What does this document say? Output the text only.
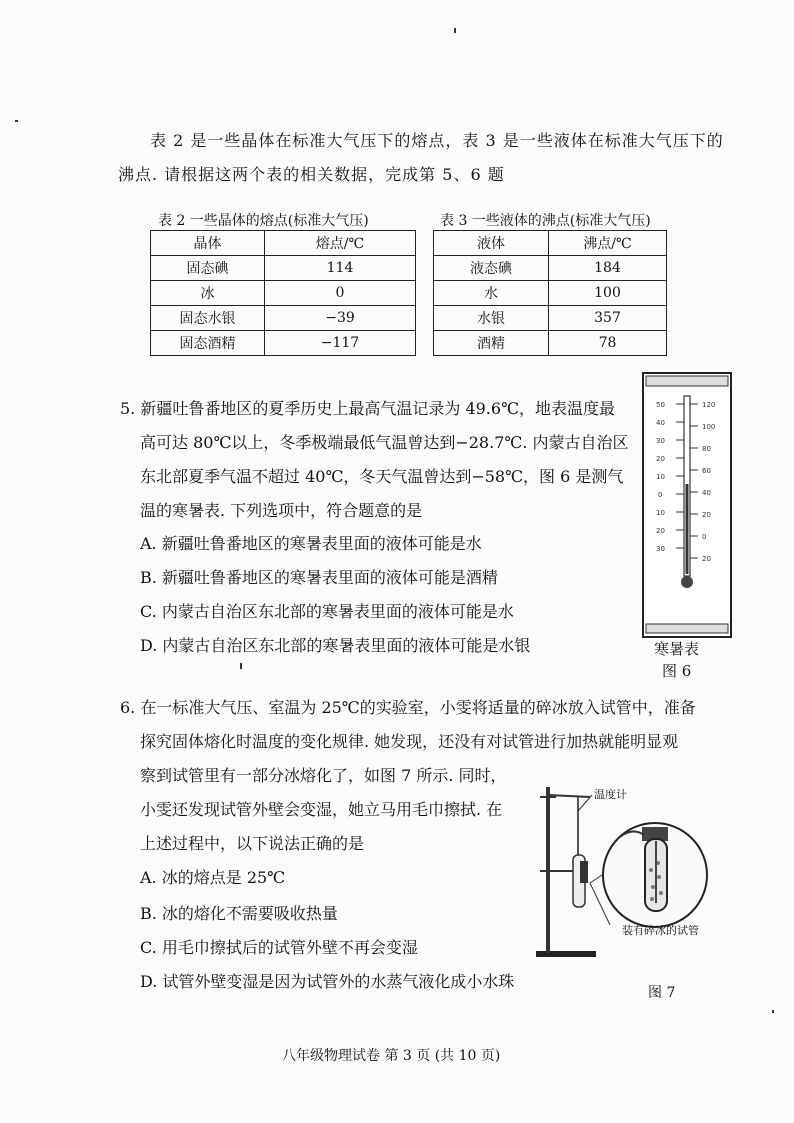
表 2 是一些晶体在标准大气压下的熔点，表 3 是一些液体在标准大气压下的
沸点. 请根据这两个表的相关数据，完成第 5、6 题
表 2 一些晶体的熔点(标准大气压)
晶体	熔点/℃
固态碘	114
冰	0
固态水银	−39
固态酒精	−117
表 3 一些液体的沸点(标准大气压)
液体	沸点/℃
液态碘	184
水	100
水银	357
酒精	78
5. 新疆吐鲁番地区的夏季历史上最高气温记录为 49.6℃，地表温度最
高可达 80℃以上，冬季极端最低气温曾达到−28.7℃. 内蒙古自治区
东北部夏季气温不超过 40℃，冬天气温曾达到−58℃，图 6 是测气
温的寒暑表. 下列选项中，符合题意的是
A. 新疆吐鲁番地区的寒暑表里面的液体可能是水
B. 新疆吐鲁番地区的寒暑表里面的液体可能是酒精
C. 内蒙古自治区东北部的寒暑表里面的液体可能是水
D. 内蒙古自治区东北部的寒暑表里面的液体可能是水银
50
40
30
20
10
0
10
20
30
120
100
80
60
40
20
0
20
寒暑表
图 6
6. 在一标准大气压、室温为 25℃的实验室，小雯将适量的碎冰放入试管中，准备
探究固体熔化时温度的变化规律. 她发现，还没有对试管进行加热就能明显观
察到试管里有一部分冰熔化了，如图 7 所示. 同时，
小雯还发现试管外壁会变湿，她立马用毛巾擦拭. 在
上述过程中，以下说法正确的是
A. 冰的熔点是 25℃
B. 冰的熔化不需要吸收热量
C. 用毛巾擦拭后的试管外壁不再会变湿
D. 试管外壁变湿是因为试管外的水蒸气液化成小水珠
温度计
装有碎冰的试管
图 7
八年级物理试卷 第 3 页 (共 10 页)
